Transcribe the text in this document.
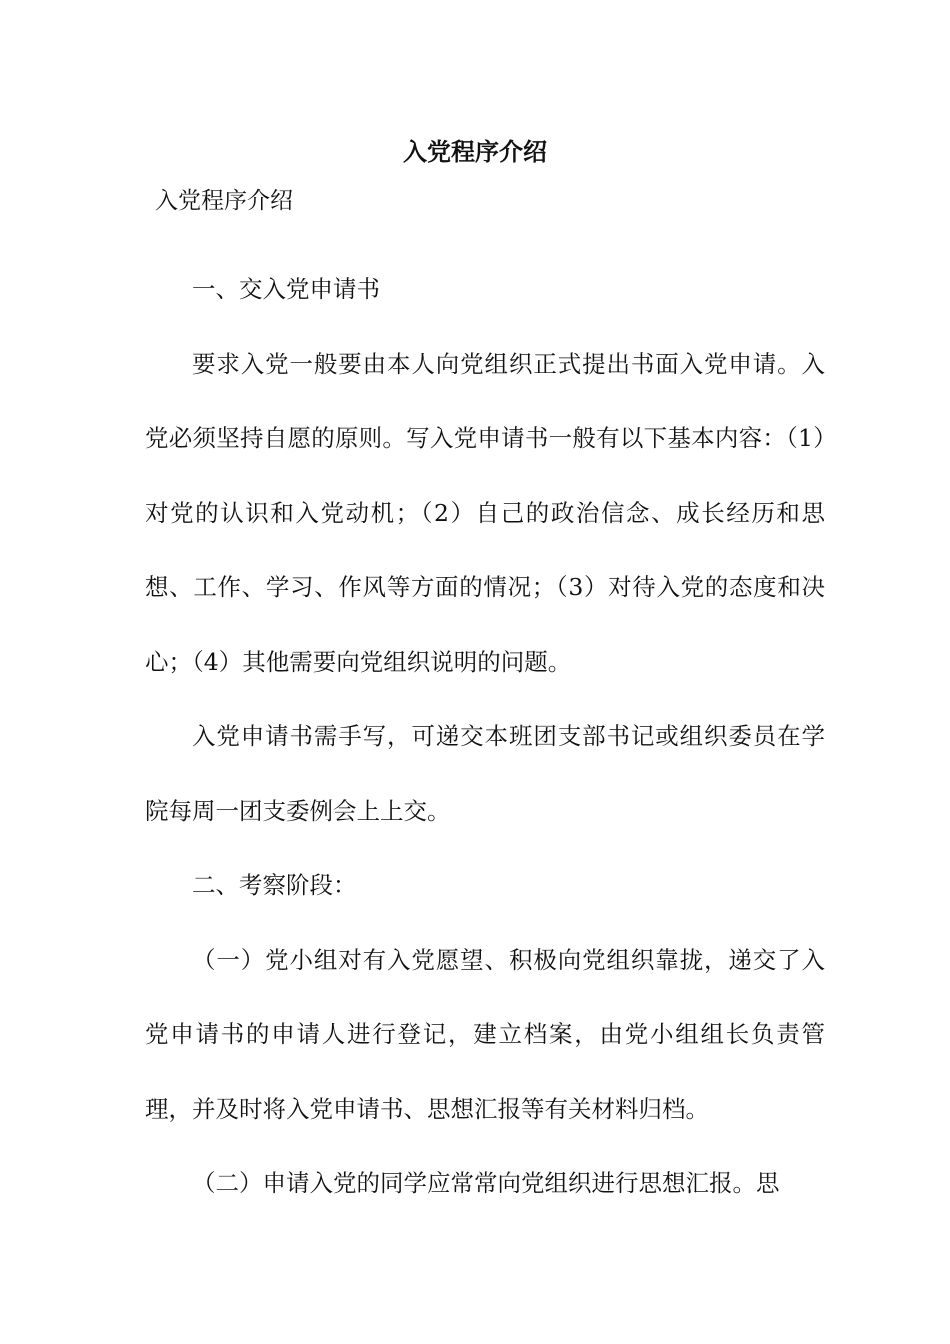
入党程序介绍
入党程序介绍

一、交入党申请书

要求入党一般要由本人向党组织正式提出书面入党申请。入党必须坚持自愿的原则。写入党申请书一般有以下基本内容：（1）对党的认识和入党动机；（2）自己的政治信念、成长经历和思想、工作、学习、作风等方面的情况；（3）对待入党的态度和决心；（4）其他需要向党组织说明的问题。

入党申请书需手写，可递交本班团支部书记或组织委员在学院每周一团支委例会上上交。

二、考察阶段：

（一）党小组对有入党愿望、积极向党组织靠拢，递交了入党申请书的申请人进行登记，建立档案，由党小组组长负责管理，并及时将入党申请书、思想汇报等有关材料归档。

（二）申请入党的同学应常常向党组织进行思想汇报。思
